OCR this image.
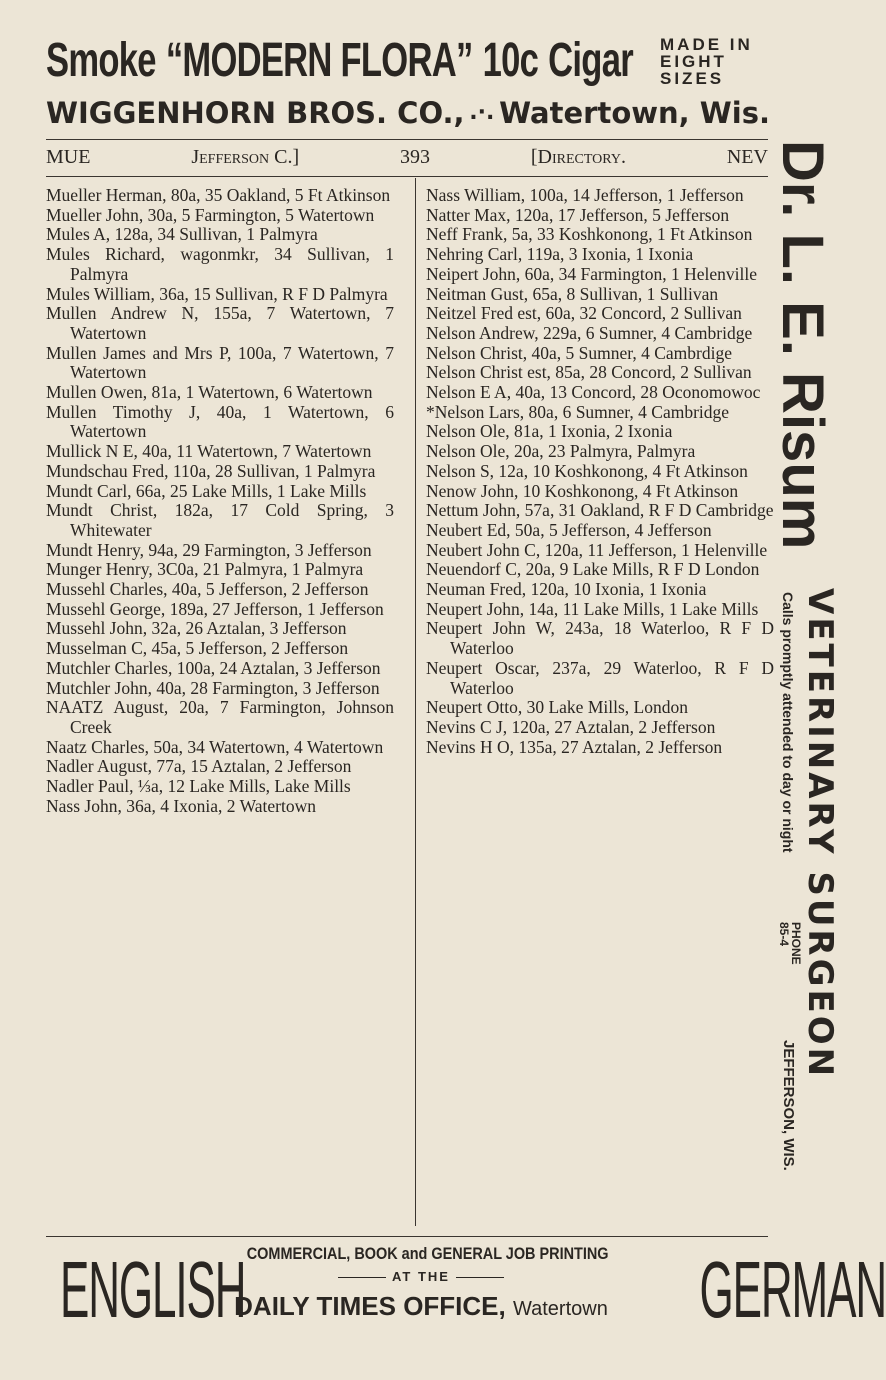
Smoke “MODERN FLORA” 10c Cigar MADE IN
EIGHT
SIZES
WIGGENHORN BROS. CO., .·. Watertown, Wis.
MUE	Jefferson C.]	393	[Directory.	NEV

Mueller Herman, 80a, 35 Oakland, 5 Ft Atkinson

Mueller John, 30a, 5 Farmington, 5 Watertown

Mules A, 128a, 34 Sullivan, 1 Palmyra

Mules Richard, wagonmkr, 34 Sullivan, 1 Palmyra

Mules William, 36a, 15 Sullivan, R F D Palmyra

Mullen Andrew N, 155a, 7 Watertown, 7 Watertown

Mullen James and Mrs P, 100a, 7 Watertown, 7 Watertown

Mullen Owen, 81a, 1 Watertown, 6 Watertown

Mullen Timothy J, 40a, 1 Watertown, 6 Watertown

Mullick N E, 40a, 11 Watertown, 7 Watertown

Mundschau Fred, 110a, 28 Sullivan, 1 Palmyra

Mundt Carl, 66a, 25 Lake Mills, 1 Lake Mills

Mundt Christ, 182a, 17 Cold Spring, 3 Whitewater

Mundt Henry, 94a, 29 Farmington, 3 Jefferson

Munger Henry, 3C0a, 21 Palmyra, 1 Palmyra

Mussehl Charles, 40a, 5 Jefferson, 2 Jefferson

Mussehl George, 189a, 27 Jefferson, 1 Jefferson

Mussehl John, 32a, 26 Aztalan, 3 Jefferson

Musselman C, 45a, 5 Jefferson, 2 Jefferson

Mutchler Charles, 100a, 24 Aztalan, 3 Jefferson

Mutchler John, 40a, 28 Farmington, 3 Jefferson

NAATZ August, 20a, 7 Farmington, Johnson Creek

Naatz Charles, 50a, 34 Watertown, 4 Watertown

Nadler August, 77a, 15 Aztalan, 2 Jefferson

Nadler Paul, ⅓a, 12 Lake Mills, Lake Mills

Nass John, 36a, 4 Ixonia, 2 Watertown

Nass William, 100a, 14 Jefferson, 1 Jefferson

Natter Max, 120a, 17 Jefferson, 5 Jefferson

Neff Frank, 5a, 33 Koshkonong, 1 Ft Atkinson

Nehring Carl, 119a, 3 Ixonia, 1 Ixonia

Neipert John, 60a, 34 Farmington, 1 Helenville

Neitman Gust, 65a, 8 Sullivan, 1 Sullivan

Neitzel Fred est, 60a, 32 Concord, 2 Sullivan

Nelson Andrew, 229a, 6 Sumner, 4 Cambridge

Nelson Christ, 40a, 5 Sumner, 4 Cambrdige

Nelson Christ est, 85a, 28 Concord, 2 Sullivan

Nelson E A, 40a, 13 Concord, 28 Oconomowoc

*Nelson Lars, 80a, 6 Sumner, 4 Cambridge

Nelson Ole, 81a, 1 Ixonia, 2 Ixonia

Nelson Ole, 20a, 23 Palmyra, Palmyra

Nelson S, 12a, 10 Koshkonong, 4 Ft Atkinson

Nenow John, 10 Koshkonong, 4 Ft Atkinson

Nettum John, 57a, 31 Oakland, R F D Cambridge

Neubert Ed, 50a, 5 Jefferson, 4 Jefferson

Neubert John C, 120a, 11 Jefferson, 1 Helenville

Neuendorf C, 20a, 9 Lake Mills, R F D London

Neuman Fred, 120a, 10 Ixonia, 1 Ixonia

Neupert John, 14a, 11 Lake Mills, 1 Lake Mills

Neupert John W, 243a, 18 Waterloo, R F D Waterloo

Neupert Oscar, 237a, 29 Waterloo, R F D Waterloo

Neupert Otto, 30 Lake Mills, London

Nevins C J, 120a, 27 Aztalan, 2 Jefferson

Nevins H O, 135a, 27 Aztalan, 2 Jefferson

Dr. L. E. Risum
Calls promptly attended to day or night
PHONE
85-4
JEFFERSON, WIS.
VETERINARY SURGEON
ENGLISH COMMERCIAL, BOOK and GENERAL JOB PRINTING
AT THE
DAILY TIMES OFFICE, Watertown GERMAN
